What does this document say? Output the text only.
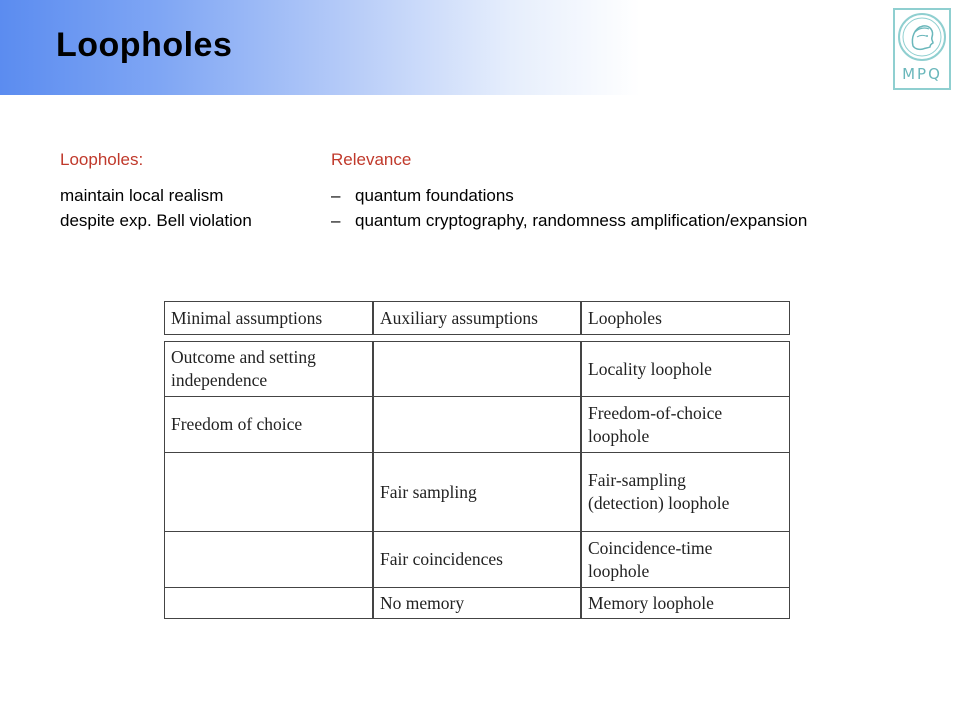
Loopholes
MPQ
Loopholes:
maintain local realism
despite exp. Bell violation
Relevance
– quantum foundations
– quantum cryptography, randomness amplification/expansion
Minimal assumptions	Auxiliary assumptions	Loopholes

Outcome and setting
independence		Locality loophole

Freedom of choice		Freedom-of-choice
loophole

	Fair sampling	Fair-sampling
(detection) loophole

	Fair coincidences	Coincidence-time
loophole

	No memory	Memory loophole
